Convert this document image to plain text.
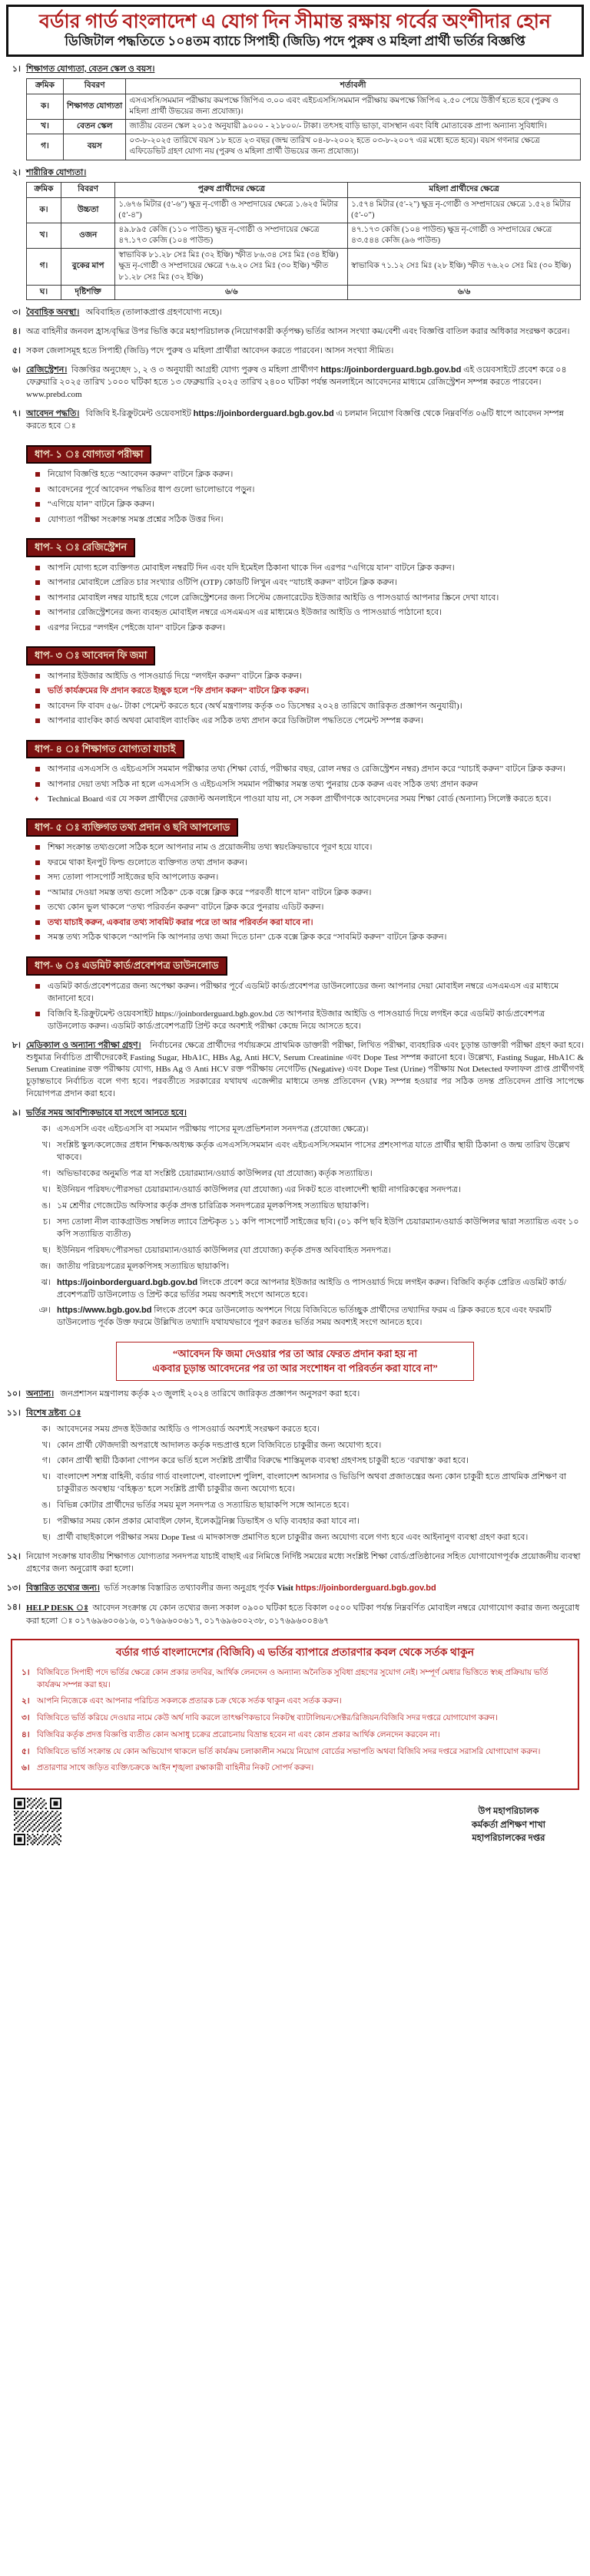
বর্ডার গার্ড বাংলাদেশ এ যোগ দিন সীমান্ত রক্ষায় গর্বের অংশীদার হোন
ডিজিটাল পদ্ধতিতে ১০৪তম ব্যাচে সিপাহী (জিডি) পদে পুরুষ ও মহিলা প্রার্থী ভর্তির বিজ্ঞপ্তি
১। শিক্ষাগত যোগ্যতা, বেতন স্কেল ও বয়স।
ক্রমিক	বিবরণ	শর্তাবলী
ক।	শিক্ষাগত যোগ্যতা	এসএসসি/সমমান পরীক্ষায় কমপক্ষে জিপিএ ৩.০০ এবং এইচএসসি/সমমান পরীক্ষায় কমপক্ষে জিপিএ ২.৫০ পেয়ে উত্তীর্ণ হতে হবে (পুরুষ ও মহিলা প্রার্থী উভয়ের জন্য প্রযোজ্য)।
খ।	বেতন স্কেল	জাতীয় বেতন স্কেল ২০১৫ অনুযায়ী ৯০০০ - ২১৮০০/- টাকা। তৎসহ বাড়ি ভাড়া, বাসস্থান এবং বিধি মোতাবেক প্রাপ্য অন্যান্য সুবিধাদি।
গ।	বয়স	০৩-৮-২০২৫ তারিখে বয়স ১৮ হতে ২৩ বছর (জন্ম তারিখ ০৪-৮-২০০২ হতে ০৩-৮-২০০৭ এর মধ্যে হতে হবে)। বয়স গণনার ক্ষেত্রে এফিডেভিট গ্রহণ যোগ্য নয় (পুরুষ ও মহিলা প্রার্থী উভয়ের জন্য প্রযোজ্য)।
২। শারীরিক যোগ্যতা।
ক্রমিক	বিবরণ	পুরুষ প্রার্থীদের ক্ষেত্রে	মহিলা প্রার্থীদের ক্ষেত্রে
ক।	উচ্চতা	১.৬৭৬ মিটার (৫'-৬") ক্ষুদ্র নৃ-গোষ্ঠী ও সম্প্রদায়ের ক্ষেত্রে ১.৬২৫ মিটার (৫'-৪")	১.৫৭৪ মিটার (৫'-২") ক্ষুদ্র নৃ-গোষ্ঠী ও সম্প্রদায়ের ক্ষেত্রে ১.৫২৪ মিটার (৫'-০")
খ।	ওজন	৪৯.৮৯৫ কেজি (১১০ পাউন্ড) ক্ষুদ্র নৃ-গোষ্ঠী ও সম্প্রদায়ের ক্ষেত্রে ৪৭.১৭৩ কেজি (১০৪ পাউন্ড)	৪৭.১৭৩ কেজি (১০৪ পাউন্ড) ক্ষুদ্র নৃ-গোষ্ঠী ও সম্প্রদায়ের ক্ষেত্রে ৪৩.৫৪৪ কেজি (৯৬ পাউন্ড)
গ।	বুকের মাপ	স্বাভাবিক ৮১.২৮ সেঃ মিঃ (৩২ ইঞ্চি) স্ফীত ৮৬.৩৪ সেঃ মিঃ (৩৪ ইঞ্চি) ক্ষুদ্র নৃ-গোষ্ঠী ও সম্প্রদায়ের ক্ষেত্রে ৭৬.২০ সেঃ মিঃ (৩০ ইঞ্চি) স্ফীত ৮১.২৮ সেঃ মিঃ (৩২ ইঞ্চি)	স্বাভাবিক ৭১.১২ সেঃ মিঃ (২৮ ইঞ্চি) স্ফীত ৭৬.২০ সেঃ মিঃ (৩০ ইঞ্চি)
ঘ।	দৃষ্টিশক্তি	৬/৬	৬/৬
৩। বৈবাহিক অবস্থা। অবিবাহিত (তালাকপ্রাপ্ত গ্রহণযোগ্য নহে)।
৪। অত্র বাহিনীর জনবল হ্রাস/বৃদ্ধির উপর ভিত্তি করে মহাপরিচালক (নিয়োগকারী কর্তৃপক্ষ) ভর্তির আসন সংখ্যা কম/বেশী এবং বিজ্ঞপ্তি বাতিল করার অধিকার সংরক্ষণ করেন।
৫। সকল জেলাসমূহ হতে সিপাহী (জিডি) পদে পুরুষ ও মহিলা প্রার্থীরা আবেদন করতে পারবেন। আসন সংখ্যা সীমিত।
৬। রেজিস্ট্রেশন। বিজ্ঞপ্তির অনুচ্ছেদ ১, ২ ও ৩ অনুযায়ী আগ্রহী যোগ্য পুরুষ ও মহিলা প্রার্থীগণ https://joinborderguard.bgb.gov.bd এই ওয়েবসাইটে প্রবেশ করে ০৪ ফেব্রুয়ারি ২০২৫ তারিখ ১০০০ ঘটিকা হতে ১৩ ফেব্রুয়ারি ২০২৫ তারিখ ২৪০০ ঘটিকা পর্যন্ত অনলাইনে আবেদনের মাধ্যমে রেজিস্ট্রেশন সম্পন্ন করতে পারবেন। www.prebd.com
৭। আবেদন পদ্ধতি। বিজিবি ই-রিক্রুটমেন্ট ওয়েবসাইট https://joinborderguard.bgb.gov.bd এ চলমান নিয়োগ বিজ্ঞপ্তি থেকে নিম্নবর্ণিত ০৬টি ধাপে আবেদন সম্পন্ন করতে হবে ঃ
ধাপ- ১ ঃ যোগ্যতা পরীক্ষা
নিয়োগ বিজ্ঞপ্তি হতে “আবেদন করুন” বাটনে ক্লিক করুন।
আবেদনের পূর্বে আবেদন পদ্ধতির ধাপ গুলো ভালোভাবে পড়ুন।
“এগিয়ে যান” বাটনে ক্লিক করুন।
যোগ্যতা পরীক্ষা সংক্রান্ত সমস্ত প্রশ্নের সঠিক উত্তর দিন।
ধাপ- ২ ঃ রেজিস্ট্রেশন
আপনি যোগ্য হলে ব্যক্তিগত মোবাইল নম্বরটি দিন এবং যদি ইমেইল ঠিকানা থাকে দিন এরপর “এগিয়ে যান” বাটনে ক্লিক করুন।
আপনার মোবাইলে প্রেরিত চার সংখ্যার ওটিপি (OTP) কোডটি লিখুন এবং “যাচাই করুন” বাটনে ক্লিক করুন।
আপনার মোবাইল নম্বর যাচাই হয়ে গেলে রেজিস্ট্রেশনের জন্য সিস্টেম জেনারেটেড ইউজার আইডি ও পাসওয়ার্ড আপনার স্ক্রিনে দেখা যাবে।
আপনার রেজিস্ট্রেশনের জন্য ব্যবহৃত মোবাইল নম্বরে এসএমএস এর মাধ্যমেও ইউজার আইডি ও পাসওয়ার্ড পাঠানো হবে।
এরপর নিচের “লগইন পেইজে যান” বাটনে ক্লিক করুন।
ধাপ- ৩ ঃ আবেদন ফি জমা
আপনার ইউজার আইডি ও পাসওয়ার্ড দিয়ে “লগইন করুন” বাটনে ক্লিক করুন।
ভর্তি কার্যক্রমের ফি প্রদান করতে ইচ্ছুক হলে “ফি প্রদান করুন” বাটনে ক্লিক করুন।
আবেদন ফি বাবদ ৫৬/- টাকা পেমেন্ট করতে হবে (অর্থ মন্ত্রণালয় কর্তৃক ৩০ ডিসেম্বর ২০২৪ তারিখে জারিকৃত প্রজ্ঞাপন অনুযায়ী)।
আপনার ব্যাংকিং কার্ড অথবা মোবাইল ব্যাংকিং এর সঠিক তথ্য প্রদান করে ডিজিটাল পদ্ধতিতে পেমেন্ট সম্পন্ন করুন।
ধাপ- ৪ ঃ শিক্ষাগত যোগ্যতা যাচাই
আপনার এসএসসি ও এইচএসসি সমমান পরীক্ষার তথ্য (শিক্ষা বোর্ড, পরীক্ষার বছর, রোল নম্বর ও রেজিস্ট্রেশন নম্বর) প্রদান করে “যাচাই করুন” বাটনে ক্লিক করুন।
আপনার দেয়া তথ্য সঠিক না হলে এসএসসি ও এইচএসসি সমমান পরীক্ষার সমস্ত তথ্য পুনরায় চেক করুন এবং সঠিক তথ্য প্রদান করুন
♦ Technical Board এর যে সকল প্রার্থীদের রেজাল্ট অনলাইনে পাওয়া যায় না, সে সকল প্রার্থীগণকে আবেদনের সময় শিক্ষা বোর্ড (অন্যান্য) সিলেক্ট করতে হবে।
ধাপ- ৫ ঃ ব্যক্তিগত তথ্য প্রদান ও ছবি আপলোড
শিক্ষা সংক্রান্ত তথ্যগুলো সঠিক হলে আপনার নাম ও প্রয়োজনীয় তথ্য স্বয়ংক্রিয়ভাবে পূরণ হয়ে যাবে।
ফরমে থাকা ইনপুট ফিল্ড গুলোতে ব্যক্তিগত তথ্য প্রদান করুন।
সদ্য তোলা পাসপোর্ট সাইজের ছবি আপলোড করুন।
“আমার দেওয়া সমস্ত তথ্য গুলো সঠিক” চেক বক্সে ক্লিক করে “পরবর্তী ধাপে যান” বাটনে ক্লিক করুন।
তথ্যে কোন ভুল থাকলে “তথ্য পরিবর্তন করুন” বাটনে ক্লিক করে পুনরায় এডিট করুন।
তথ্য যাচাই করুন, একবার তথ্য সাবমিট করার পরে তা আর পরিবর্তন করা যাবে না।
সমস্ত তথ্য সঠিক থাকলে “আপনি কি আপনার তথ্য জমা দিতে চান” চেক বক্সে ক্লিক করে “সাবমিট করুন” বাটনে ক্লিক করুন।
ধাপ- ৬ ঃ এডমিট কার্ড/প্রবেশপত্র ডাউনলোড
এডমিট কার্ড/প্রবেশপত্রের জন্য অপেক্ষা করুন। পরীক্ষার পূর্বে এডমিট কার্ড/প্রবেশপত্র ডাউনলোডের জন্য আপনার দেয়া মোবাইল নম্বরে এসএমএস এর মাধ্যমে জানানো হবে।
বিজিবি ই-রিক্রুটমেন্ট ওয়েবসাইট https://joinborderguard.bgb.gov.bd তে আপনার ইউজার আইডি ও পাসওয়ার্ড দিয়ে লগইন করে এডমিট কার্ড/প্রবেশপত্র ডাউনলোড করুন। এডমিট কার্ড/প্রবেশপত্রটি প্রিন্ট করে অবশ্যই পরীক্ষা কেন্দ্রে নিয়ে আসতে হবে।
৮। মেডিক্যাল ও অন্যান্য পরীক্ষা গ্রহণ। নির্বাচনের ক্ষেত্রে প্রার্থীদের পর্যায়ক্রমে প্রাথমিক ডাক্তারী পরীক্ষা, লিখিত পরীক্ষা, ব্যবহারিক এবং চূড়ান্ত ডাক্তারী পরীক্ষা গ্রহণ করা হবে। শুধুমাত্র নির্বাচিত প্রার্থীদেরকেই Fasting Sugar, HbA1C, HBs Ag, Anti HCV, Serum Creatinine এবং Dope Test সম্পন্ন করানো হবে। উল্লেখ্য, Fasting Sugar, HbA1C & Serum Creatinine রক্ত পরীক্ষায় যোগ্য, HBs Ag ও Anti HCV রক্ত পরীক্ষায় নেগেটিভ (Negative) এবং Dope Test (Urine) পরীক্ষায় Not Detected ফলাফল প্রাপ্ত প্রার্থীগণই চূড়ান্তভাবে নির্বাচিত বলে গণ্য হবে। পরবর্তীতে সরকারের যথাযথ এজেন্সীর মাধ্যমে তদন্ত প্রতিবেদন (VR) সম্পন্ন হওয়ার পর সঠিক তদন্ত প্রতিবেদন প্রাপ্তি সাপেক্ষে নিয়োগপত্র প্রদান করা হবে।
৯। ভর্তির সময় আবশ্যিকভাবে যা সংগে আনতে হবে।
ক। এসএসসি এবং এইচএসসি বা সমমান পরীক্ষায় পাসের মূল/প্রভিশনাল সনদপত্র (প্রযোজ্য ক্ষেত্রে)।
খ। সংশ্লিষ্ট স্কুল/কলেজের প্রধান শিক্ষক/অধ্যক্ষ কর্তৃক এসএসসি/সমমান এবং এইচএসসি/সমমান পাসের প্রশংসাপত্র যাতে প্রার্থীর স্থায়ী ঠিকানা ও জন্ম তারিখ উল্লেখ থাকবে।
গ। অভিভাবকের অনুমতি পত্র যা সংশ্লিষ্ট চেয়ারম্যান/ওয়ার্ড কাউন্সিলর (যা প্রযোজ্য) কর্তৃক সত্যায়িত।
ঘ। ইউনিয়ন পরিষদ/পৌরসভা চেয়ারম্যান/ওয়ার্ড কাউন্সিলর (যা প্রযোজ্য) এর নিকট হতে বাংলাদেশী স্থায়ী নাগরিকত্বের সনদপত্র।
ঙ। ১ম শ্রেণীর গেজেটেড অফিসার কর্তৃক প্রদত্ত চারিত্রিক সনদপত্রের মূলকপিসহ সত্যায়িত ছায়াকপি।
চ। সদ্য তোলা নীল ব্যাকগ্রাউন্ড সম্বলিত ল্যাবে প্রিন্টকৃত ১১ কপি পাসপোর্ট সাইজের ছবি। (০১ কপি ছবি ইউপি চেয়ারম্যান/ওয়ার্ড কাউন্সিলর দ্বারা সত্যায়িত এবং ১০ কপি সত্যায়িত ব্যতীত)
ছ। ইউনিয়ন পরিষদ/পৌরসভা চেয়ারম্যান/ওয়ার্ড কাউন্সিলর (যা প্রযোজ্য) কর্তৃক প্রদত্ত অবিবাহিত সনদপত্র।
জ। জাতীয় পরিচয়পত্রের মূলকপিসহ সত্যায়িত ছায়াকপি।
ঝ। https://joinborderguard.bgb.gov.bd লিংকে প্রবেশ করে আপনার ইউজার আইডি ও পাসওয়ার্ড দিয়ে লগইন করুন। বিজিবি কর্তৃক প্রেরিত এডমিট কার্ড/প্রবেশপত্রটি ডাউনলোড ও প্রিন্ট করে ভর্তির সময় অবশ্যই সংগে আনতে হবে।
ঞ। https://www.bgb.gov.bd লিংকে প্রবেশ করে ডাউনলোড অপশনে গিয়ে বিজিবিতে ভর্তিচ্ছুক প্রার্থীদের তথ্যাদির ফরম এ ক্লিক করতে হবে এবং ফরমটি ডাউনলোড পূর্বক উক্ত ফরমে উল্লিখিত তথ্যাদি যথাযথভাবে পূরণ করতঃ ভর্তির সময় অবশ্যই সংগে আনতে হবে।
“আবেদন ফি জমা দেওয়ার পর তা আর ফেরত প্রদান করা হয় না
একবার চূড়ান্ত আবেদনের পর তা আর সংশোধন বা পরিবর্তন করা যাবে না”
১০। অন্যান্য। জনপ্রশাসন মন্ত্রণালয় কর্তৃক ২৩ জুলাই ২০২৪ তারিখে জারিকৃত প্রজ্ঞাপন অনুসরণ করা হবে।
১১। বিশেষ দ্রষ্টব্য ঃ
ক। আবেদনের সময় প্রদত্ত ইউজার আইডি ও পাসওয়ার্ড অবশ্যই সংরক্ষণ করতে হবে।
খ। কোন প্রার্থী ফৌজদারী অপরাধে আদালত কর্তৃক দন্ডপ্রাপ্ত হলে বিজিবিতে চাকুরীর জন্য অযোগ্য হবে।
গ। কোন প্রার্থী স্থায়ী ঠিকানা গোপন করে ভর্তি হলে সংশ্লিষ্ট প্রার্থীর বিরুদ্ধে শাস্তিমূলক ব্যবস্থা গ্রহণসহ চাকুরী হতে ‘বরখাস্ত’ করা হবে।
ঘ। বাংলাদেশ সশস্ত্র বাহিনী, বর্ডার গার্ড বাংলাদেশ, বাংলাদেশ পুলিশ, বাংলাদেশ আনসার ও ভিডিপি অথবা প্রজাতন্ত্রের অন্য কোন চাকুরী হতে প্রাথমিক প্রশিক্ষণ বা চাকুরীরত অবস্থায় ‘বহিষ্কৃত’ হলে সংশ্লিষ্ট প্রার্থী চাকুরীর জন্য অযোগ্য হবে।
ঙ। বিভিন্ন কোটার প্রার্থীদের ভর্তির সময় মূল সনদপত্র ও সত্যায়িত ছায়াকপি সঙ্গে আনতে হবে।
চ। পরীক্ষার সময় কোন প্রকার মোবাইল ফোন, ইলেকট্রনিক্স ডিভাইস ও ঘড়ি ব্যবহার করা যাবে না।
ছ। প্রার্থী বাছাইকালে পরীক্ষার সময় Dope Test এ মাদকাসক্ত প্রমাণিত হলে চাকুরীর জন্য অযোগ্য বলে গণ্য হবে এবং আইনানুগ ব্যবস্থা গ্রহণ করা হবে।
১২। নিয়োগ সংক্রান্ত যাবতীয় শিক্ষাগত যোগ্যতার সনদপত্র যাচাই বাছাই এর নিমিত্তে নির্দিষ্ট সময়ের মধ্যে সংশ্লিষ্ট শিক্ষা বোর্ড/প্রতিষ্ঠানের সহিত যোগাযোগপূর্বক প্রয়োজনীয় ব্যবস্থা গ্রহণের জন্য অনুরোধ করা হলো।
১৩। বিস্তারিত তথ্যের জন্য। ভর্তি সংক্রান্ত বিস্তারিত তথ্যাবলীর জন্য অনুগ্রহ পূর্বক Visit https://joinborderguard.bgb.gov.bd
১৪। HELP DESK ঃ আবেদন সংক্রান্ত যে কোন তথ্যের জন্য সকাল ০৯০০ ঘটিকা হতে বিকাল ০৫০০ ঘটিকা পর্যন্ত নিম্নবর্ণিত মোবাইল নম্বরে যোগাযোগ করার জন্য অনুরোধ করা হলো ঃ ০১৭৬৯৬০০৬১৬, ০১৭৬৯৬০০৬১৭, ০১৭৬৯৬০০২৩৮, ০১৭৬৯৬০০৪৬৭
বর্ডার গার্ড বাংলাদেশের (বিজিবি) এ ভর্তির ব্যাপারে প্রতারণার কবল থেকে সর্তক থাকুন
১। বিজিবিতে সিপাহী পদে ভর্তির ক্ষেত্রে কোন প্রকার তদবির, আর্থিক লেনদেন ও অন্যান্য অনৈতিক সুবিধা গ্রহণের সুযোগ নেই। সম্পূর্ণ মেধার ভিত্তিতে স্বচ্ছ প্রক্রিয়ায় ভর্তি কার্যক্রম সম্পন্ন করা হয়।
২। আপনি নিজেকে এবং আপনার পরিচিত সকলকে প্রতারক চক্র থেকে সর্তক থাকুন এবং সর্তক করুন।
৩। বিজিবিতে ভর্তি করিয়ে দেওয়ার নামে কেউ অর্থ দাবি করলে তাৎক্ষণিকভাবে নিকটস্থ ব্যাটালিয়ন/সেক্টর/রিজিয়ন/বিজিবি সদর দপ্তরে যোগাযোগ করুন।
৪। বিজিবির কর্তৃক প্রদত্ত বিজ্ঞপ্তি ব্যতীত কোন অসাধু চক্রের প্ররোচনায় বিভ্রান্ত হবেন না এবং কোন প্রকার আর্থিক লেনদেন করবেন না।
৫। বিজিবিতে ভর্তি সংক্রান্ত যে কোন অভিযোগ থাকলে ভর্তি কার্যক্রম চলাকালীন সময়ে নিয়োগ বোর্ডের সভাপতি অথবা বিজিবি সদর দপ্তরে সরাসরি যোগাযোগ করুন।
৬। প্রতারণার সাথে জড়িত ব্যক্তি/চক্রকে আইন শৃঙ্খলা রক্ষাকারী বাহিনীর নিকট সোপর্দ করুন।
উপ মহাপরিচালক
কর্মকর্তা প্রশিক্ষণ শাখা
মহাপরিচালকের দপ্তর
